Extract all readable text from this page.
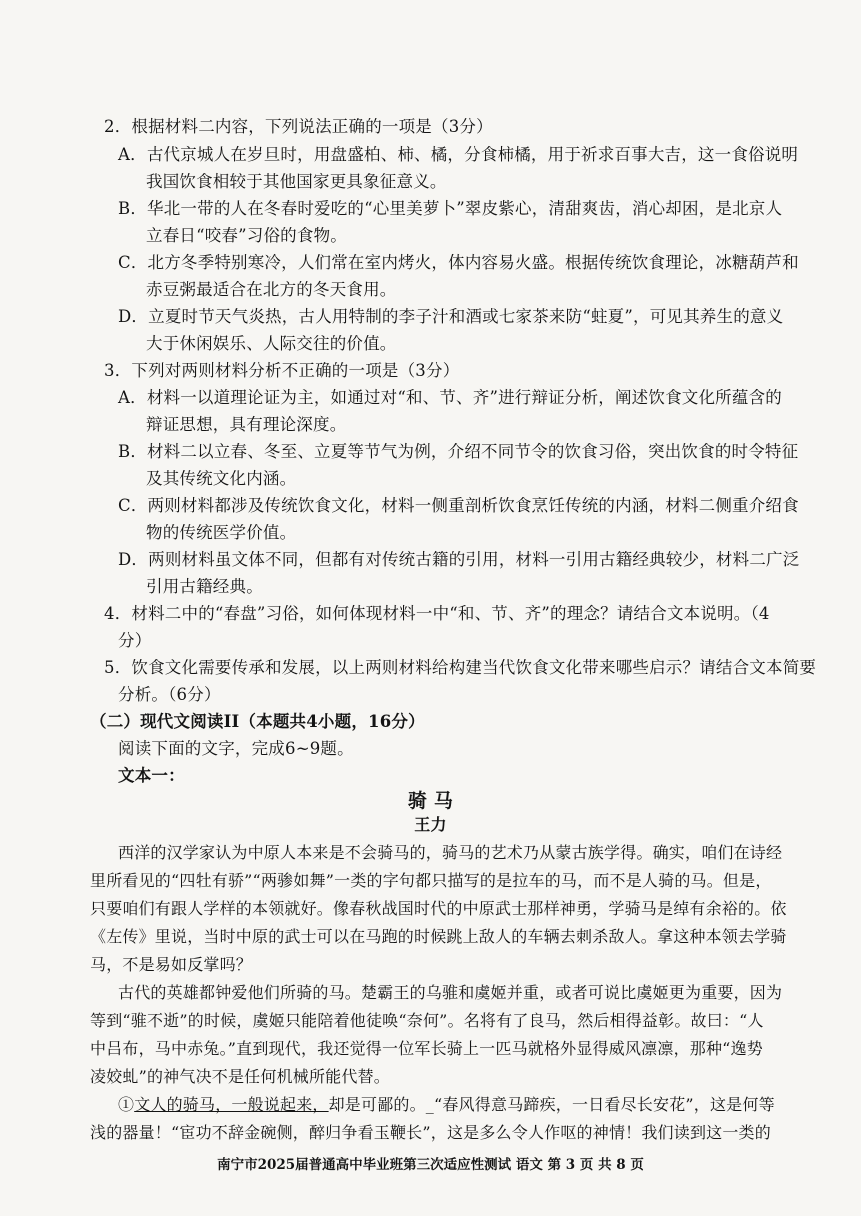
2．根据材料二内容，下列说法正确的一项是（3分）
A．古代京城人在岁旦时，用盘盛柏、柿、橘，分食柿橘，用于祈求百事大吉，这一食俗说明
我国饮食相较于其他国家更具象征意义。
B．华北一带的人在冬春时爱吃的“心里美萝卜”翠皮紫心，清甜爽齿，消心却困，是北京人
立春日“咬春”习俗的食物。
C．北方冬季特别寒冷，人们常在室内烤火，体内容易火盛。根据传统饮食理论，冰糖葫芦和
赤豆粥最适合在北方的冬天食用。
D．立夏时节天气炎热，古人用特制的李子汁和酒或七家茶来防“蛀夏”，可见其养生的意义
大于休闲娱乐、人际交往的价值。
3．下列对两则材料分析不正确的一项是（3分）
A．材料一以道理论证为主，如通过对“和、节、齐”进行辩证分析，阐述饮食文化所蕴含的
辩证思想，具有理论深度。
B．材料二以立春、冬至、立夏等节气为例，介绍不同节令的饮食习俗，突出饮食的时令特征
及其传统文化内涵。
C．两则材料都涉及传统饮食文化，材料一侧重剖析饮食烹饪传统的内涵，材料二侧重介绍食
物的传统医学价值。
D．两则材料虽文体不同，但都有对传统古籍的引用，材料一引用古籍经典较少，材料二广泛
引用古籍经典。
4．材料二中的“春盘”习俗，如何体现材料一中“和、节、齐”的理念？请结合文本说明。（4
分）
5．饮食文化需要传承和发展，以上两则材料给构建当代饮食文化带来哪些启示？请结合文本简要
分析。（6分）
（二）现代文阅读II（本题共4小题，16分）
阅读下面的文字，完成6~9题。
文本一：
骑 马
王力
西洋的汉学家认为中原人本来是不会骑马的，骑马的艺术乃从蒙古族学得。确实，咱们在诗经
里所看见的“四牡有骄”“两骖如舞”一类的字句都只描写的是拉车的马，而不是人骑的马。但是，
只要咱们有跟人学样的本领就好。像春秋战国时代的中原武士那样神勇，学骑马是绰有余裕的。依
《左传》里说，当时中原的武士可以在马跑的时候跳上敌人的车辆去刺杀敌人。拿这种本领去学骑
马，不是易如反掌吗？
古代的英雄都钟爱他们所骑的马。楚霸王的乌骓和虞姬并重，或者可说比虞姬更为重要，因为
等到“骓不逝”的时候，虞姬只能陪着他徒唤“奈何”。名将有了良马，然后相得益彰。故曰：“人
中吕布，马中赤兔。”直到现代，我还觉得一位军长骑上一匹马就格外显得威风凛凛，那种“逸势
凌姣虬”的神气决不是任何机械所能代替。
①文人的骑马，一般说起来，却是可鄙的。_“春风得意马蹄疾，一日看尽长安花”，这是何等
浅的器量！“宦功不辞金碗侧，醉归争看玉鞭长”，这是多么令人作呕的神情！我们读到这一类的
南宁市2025届普通高中毕业班第三次适应性测试 语文 第 3 页 共 8 页
